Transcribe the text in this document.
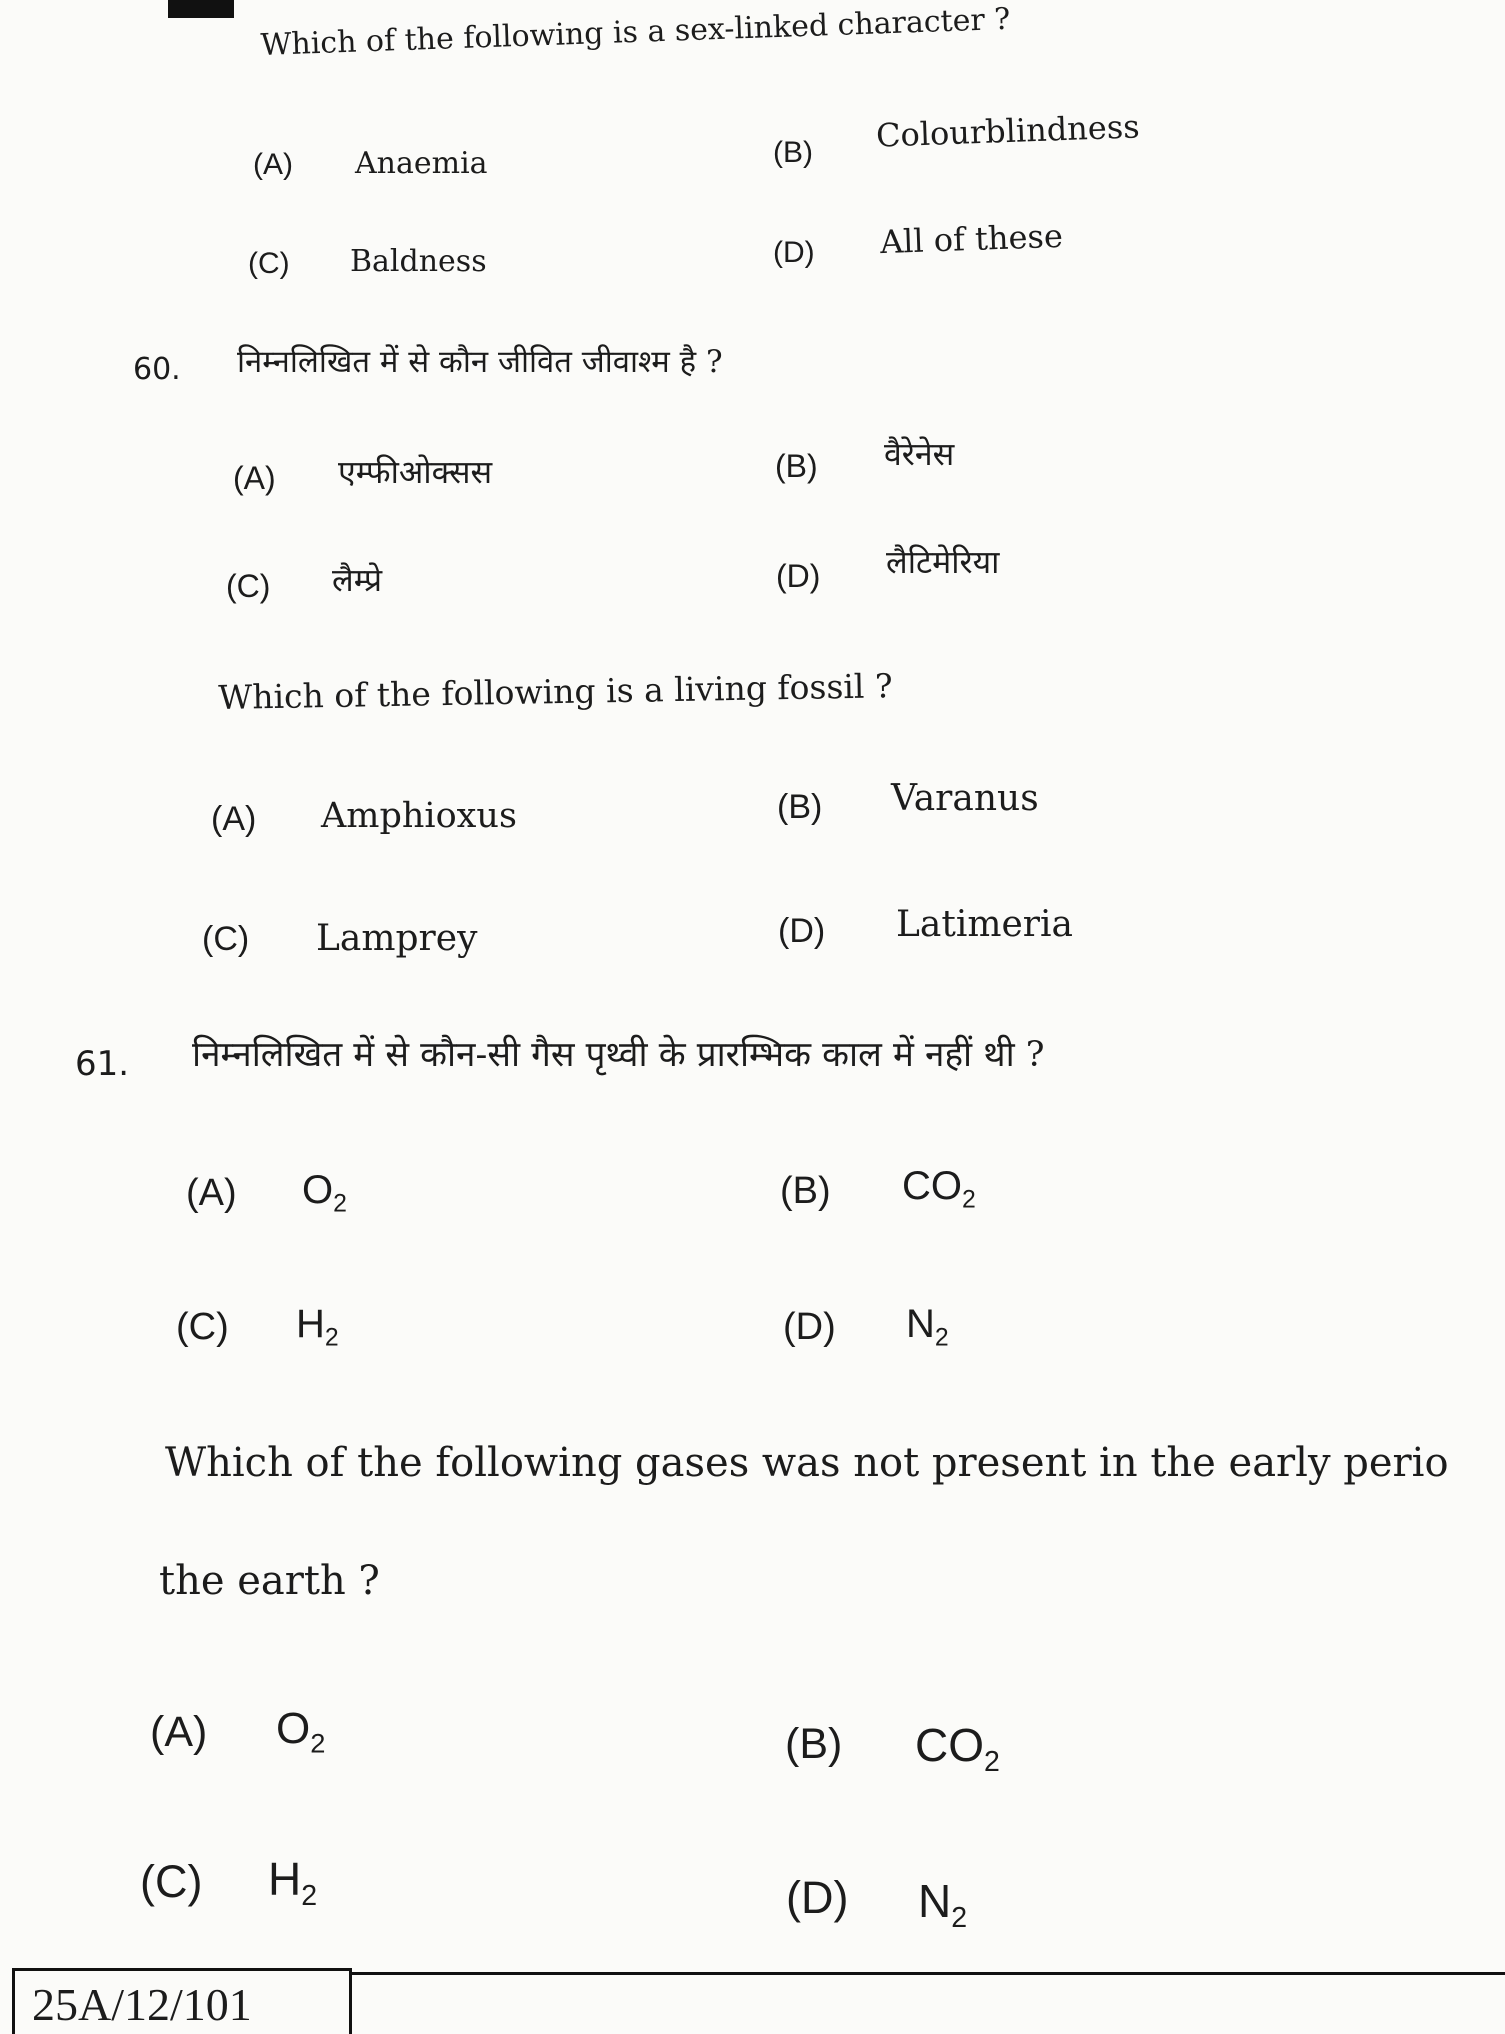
Which of the following is a sex-linked character ?
(A) Anaemia	(B) Colourblindness
(C) Baldness	(D) All of these
60. निम्नलिखित में से कौन जीवित जीवाश्म है ?
(A) एम्फीओक्सस	(B) वैरेनेस
(C) लैम्प्रे	(D) लैटिमेरिया
Which of the following is a living fossil ?
(A) Amphioxus	(B) Varanus
(C) Lamprey	(D) Latimeria
61. निम्नलिखित में से कौन-सी गैस पृथ्वी के प्रारम्भिक काल में नहीं थी ?
(A) $O_2$	(B) $CO_2$
(C) $H_2$	(D) $N_2$
Which of the following gases was not present in the early perio
the earth ?
(A) $O_2$	(B) $CO_2$
(C) $H_2$	(D) $N_2$
25A/12/101
